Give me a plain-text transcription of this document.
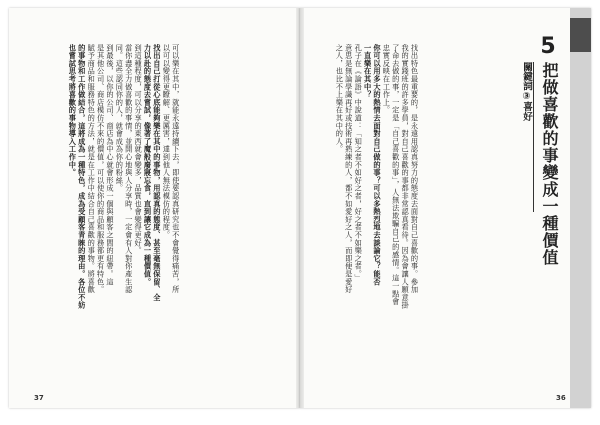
5
把做喜歡的事變成一種價值
關鍵詞③喜好
找出特色最重要的，是永遠用認真努力的態度去面對自己喜歡的事。參加
我的實踐班的許多學員，對自己喜歡的事都非常認真看待。因為會讓人願意掛
了命去做的事，一定是「自己喜歡的事」，人無法欺騙自己的感情。這一點會
忠實反映在工作上。
你可以用多大的熱情去面對自己做的事？可以多熱烈地去談論它？能否
一直樂在其中？
孔子在《論語》中說道：「知之者不如好之者，好之者不如樂之者。」
意思是無論學識再好或技術再熟練的人，都不如愛好之人，而即便是愛好
之人，也比不上樂在其中的人。
可以樂在其中，就能永遠持續下去，即使要認真研究也不會覺得痛苦，所
以可以變得更瞭解、更厲害，達到他人無法模仿的程度。
找出自己打從心底能夠樂在其中的事物，用認真的態度、甚至毫無保留、全
力以赴的態度去嘗試，像著了魔般廢寢忘食，直到讓它成為一種價值。
到這種程度，可以分享的東西就會變多，品質也會變得更好。
當你盡全力做喜歡的事情，並開心地與人分享時，一定會有人對你產生認
同。這些認同你的人，就會成為你的粉絲。
到最後，以你的公司、商店為中心就會形成一個與顧客之間的紐帶。這
是其他公司、商店模仿不來的價值，可以使你的商品和服務都更有特色。
賦予商品和服務特色的方法，就是在工作中結合自己喜歡的事物。將喜歡
的事物和工作做結合，這將成為一種特色，成為受顧客青睞的理由。各位不妨
也嘗試思考將喜歡的事物導入工作中。
37	36
